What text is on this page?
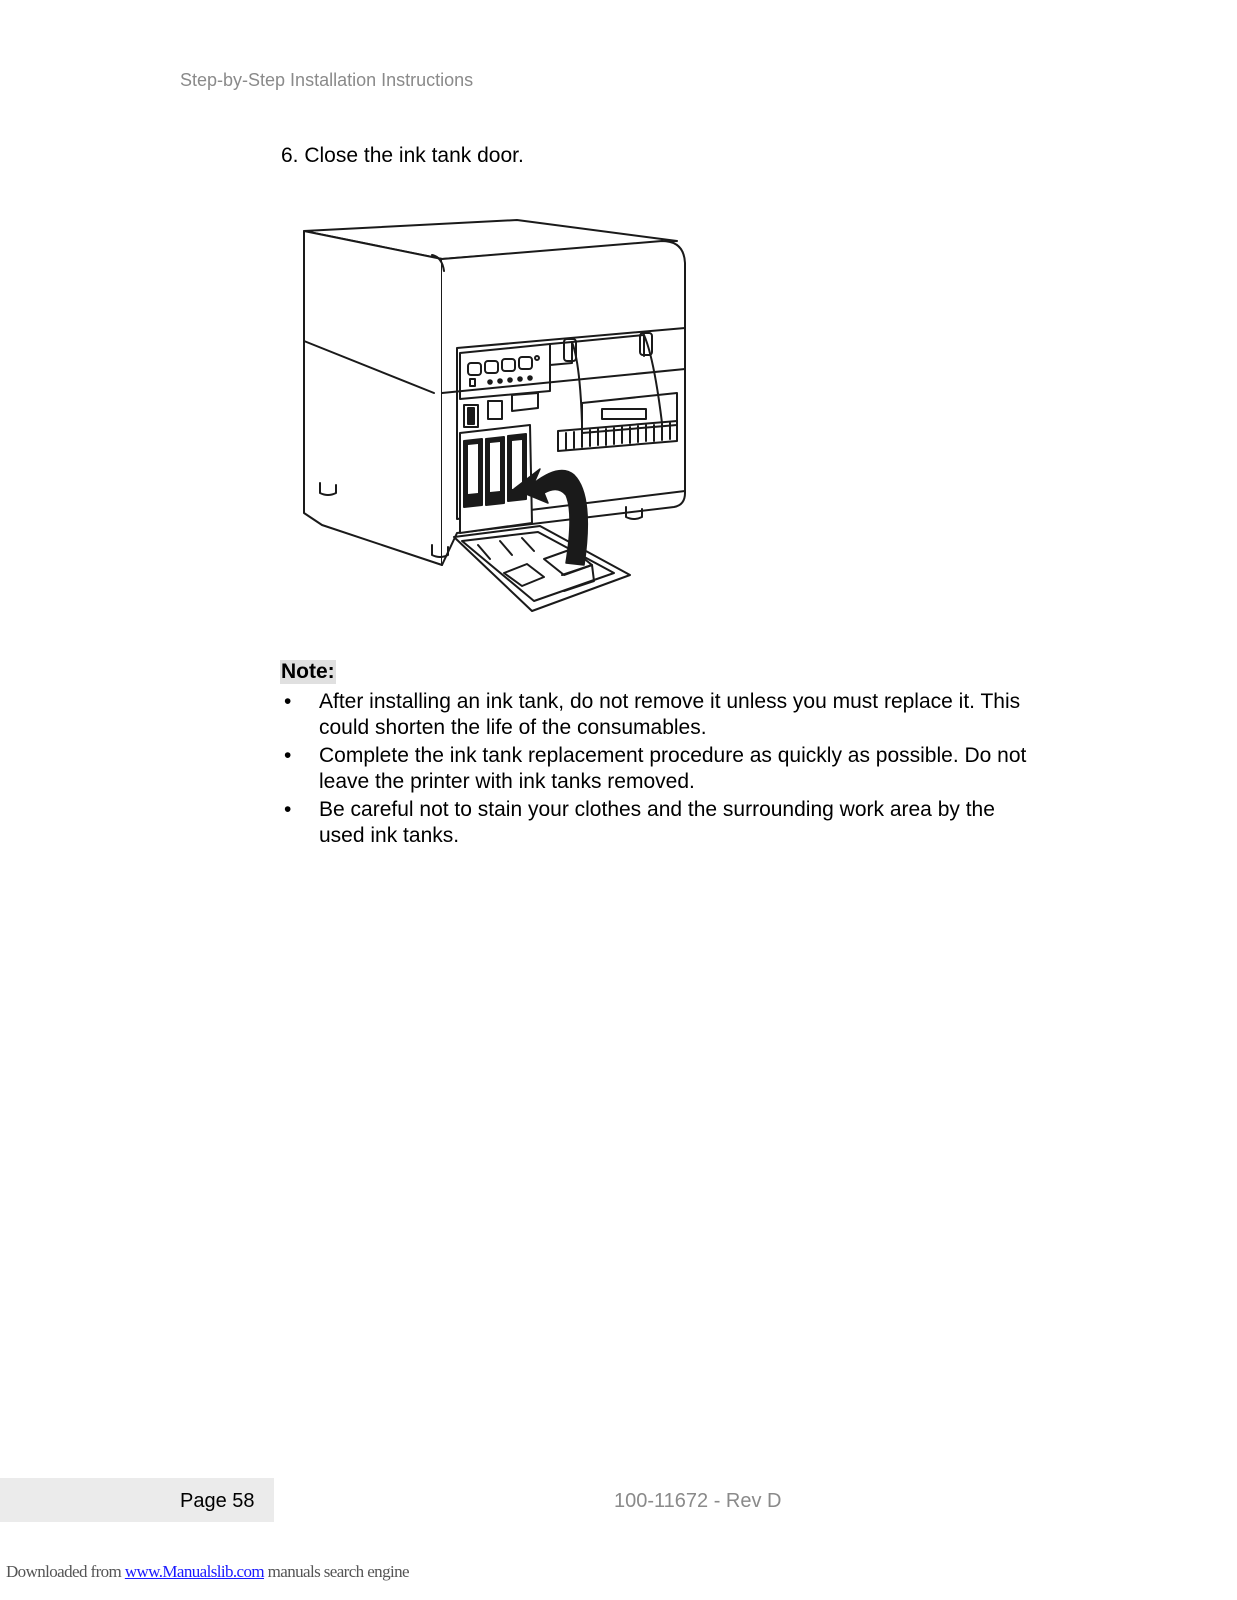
Step-by-Step Installation Instructions
6. Close the ink tank door.
Note:
• After installing an ink tank, do not remove it unless you must replace it. This could shorten the life of the consumables.
• Complete the ink tank replacement procedure as quickly as possible. Do not leave the printer with ink tanks removed.
• Be careful not to stain your clothes and the surrounding work area by the used ink tanks.
Page 58	100-11672 - Rev D
Downloaded from www.Manualslib.com manuals search engine
